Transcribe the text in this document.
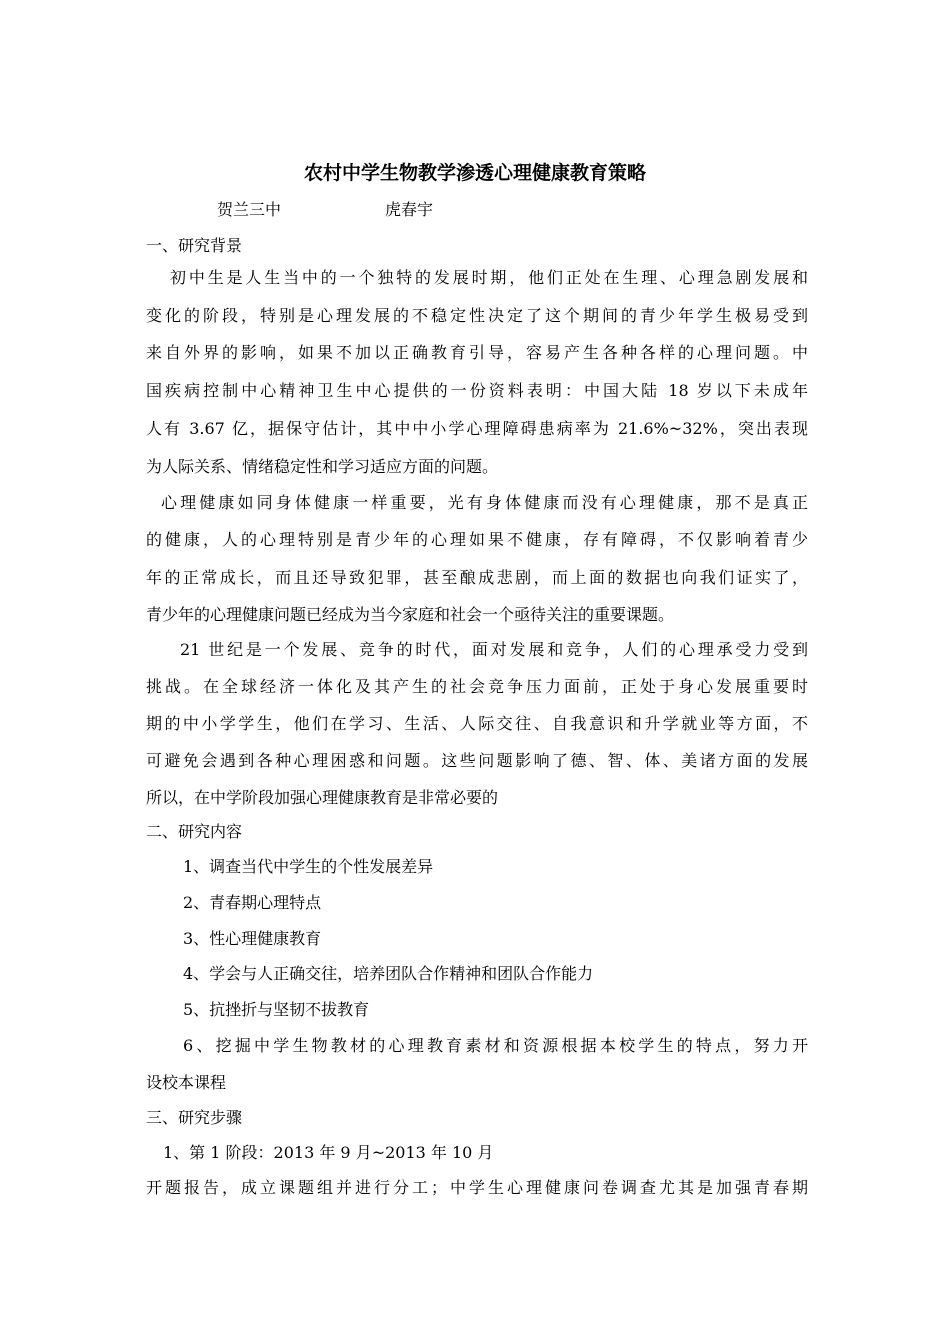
农村中学生物教学渗透心理健康教育策略
贺兰三中	虎春宇
一、研究背景
初中生是人生当中的一个独特的发展时期，他们正处在生理、心理急剧发展和
变化的阶段，特别是心理发展的不稳定性决定了这个期间的青少年学生极易受到
来自外界的影响，如果不加以正确教育引导，容易产生各种各样的心理问题。中
国疾病控制中心精神卫生中心提供的一份资料表明：中国大陆 18 岁以下未成年
人有 3.67 亿，据保守估计，其中中小学心理障碍患病率为 21.6%~32%，突出表现
为人际关系、情绪稳定性和学习适应方面的问题。
心理健康如同身体健康一样重要，光有身体健康而没有心理健康，那不是真正
的健康，人的心理特别是青少年的心理如果不健康，存有障碍，不仅影响着青少
年的正常成长，而且还导致犯罪，甚至酿成悲剧，而上面的数据也向我们证实了，
青少年的心理健康问题已经成为当今家庭和社会一个亟待关注的重要课题。
21 世纪是一个发展、竞争的时代，面对发展和竞争，人们的心理承受力受到
挑战。在全球经济一体化及其产生的社会竞争压力面前，正处于身心发展重要时
期的中小学学生，他们在学习、生活、人际交往、自我意识和升学就业等方面，不
可避免会遇到各种心理困惑和问题。这些问题影响了德、智、体、美诸方面的发展
所以，在中学阶段加强心理健康教育是非常必要的
二、研究内容
1、调查当代中学生的个性发展差异
2、青春期心理特点
3、性心理健康教育
4、学会与人正确交往，培养团队合作精神和团队合作能力
5、抗挫折与坚韧不拔教育
6、挖掘中学生物教材的心理教育素材和资源根据本校学生的特点，努力开
设校本课程
三、研究步骤
1、第 1 阶段：2013 年 9 月~2013 年 10 月
开题报告，成立课题组并进行分工；中学生心理健康问卷调查尤其是加强青春期
